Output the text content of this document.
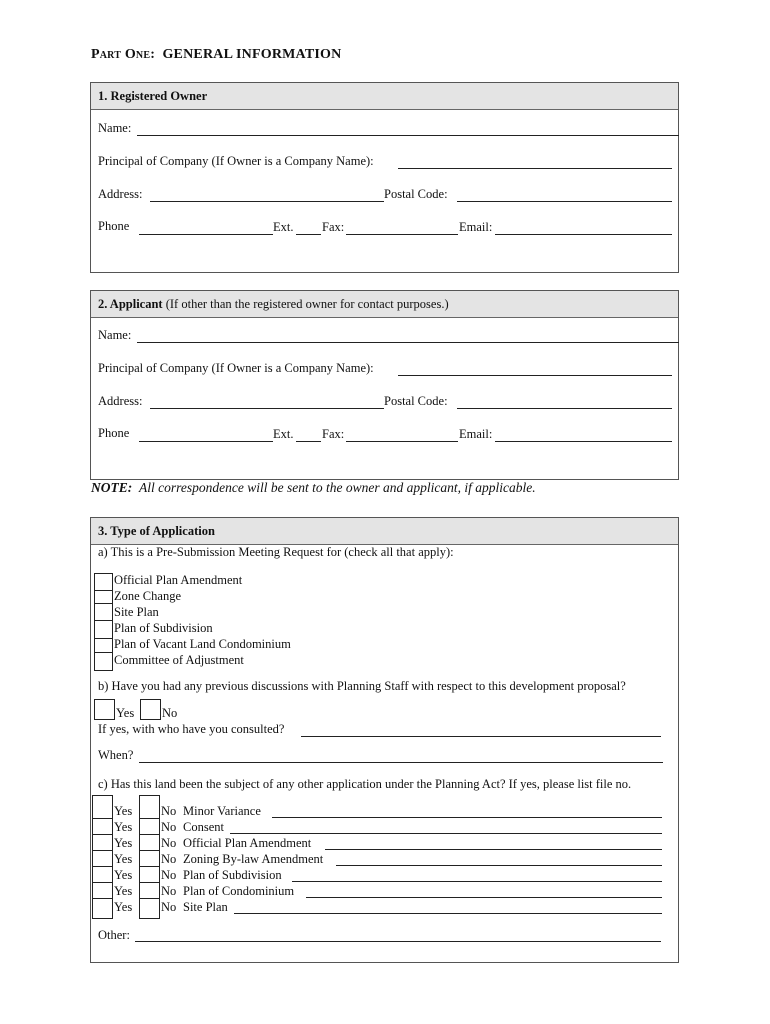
Part One: GENERAL INFORMATION
1. Registered Owner
Name:
Principal of Company (If Owner is a Company Name):
Address:	Postal Code:
Phone	Ext. Fax:	Email:
2. Applicant (If other than the registered owner for contact purposes.)
Name:
Principal of Company (If Owner is a Company Name):
Address:	Postal Code:
Phone	Ext. Fax:	Email:
NOTE: All correspondence will be sent to the owner and applicant, if applicable.
3. Type of Application
a) This is a Pre-Submission Meeting Request for (check all that apply):
Official Plan Amendment
Zone Change
Site Plan
Plan of Subdivision
Plan of Vacant Land Condominium
Committee of Adjustment
b) Have you had any previous discussions with Planning Staff with respect to this development proposal?
Yes No
If yes, with who have you consulted?
When?
c) Has this land been the subject of any other application under the Planning Act? If yes, please list file no.
Yes No Minor Variance
Yes No Consent
Yes No Official Plan Amendment
Yes No Zoning By-law Amendment
Yes No Plan of Subdivision
Yes No Plan of Condominium
Yes No Site Plan
Other:
